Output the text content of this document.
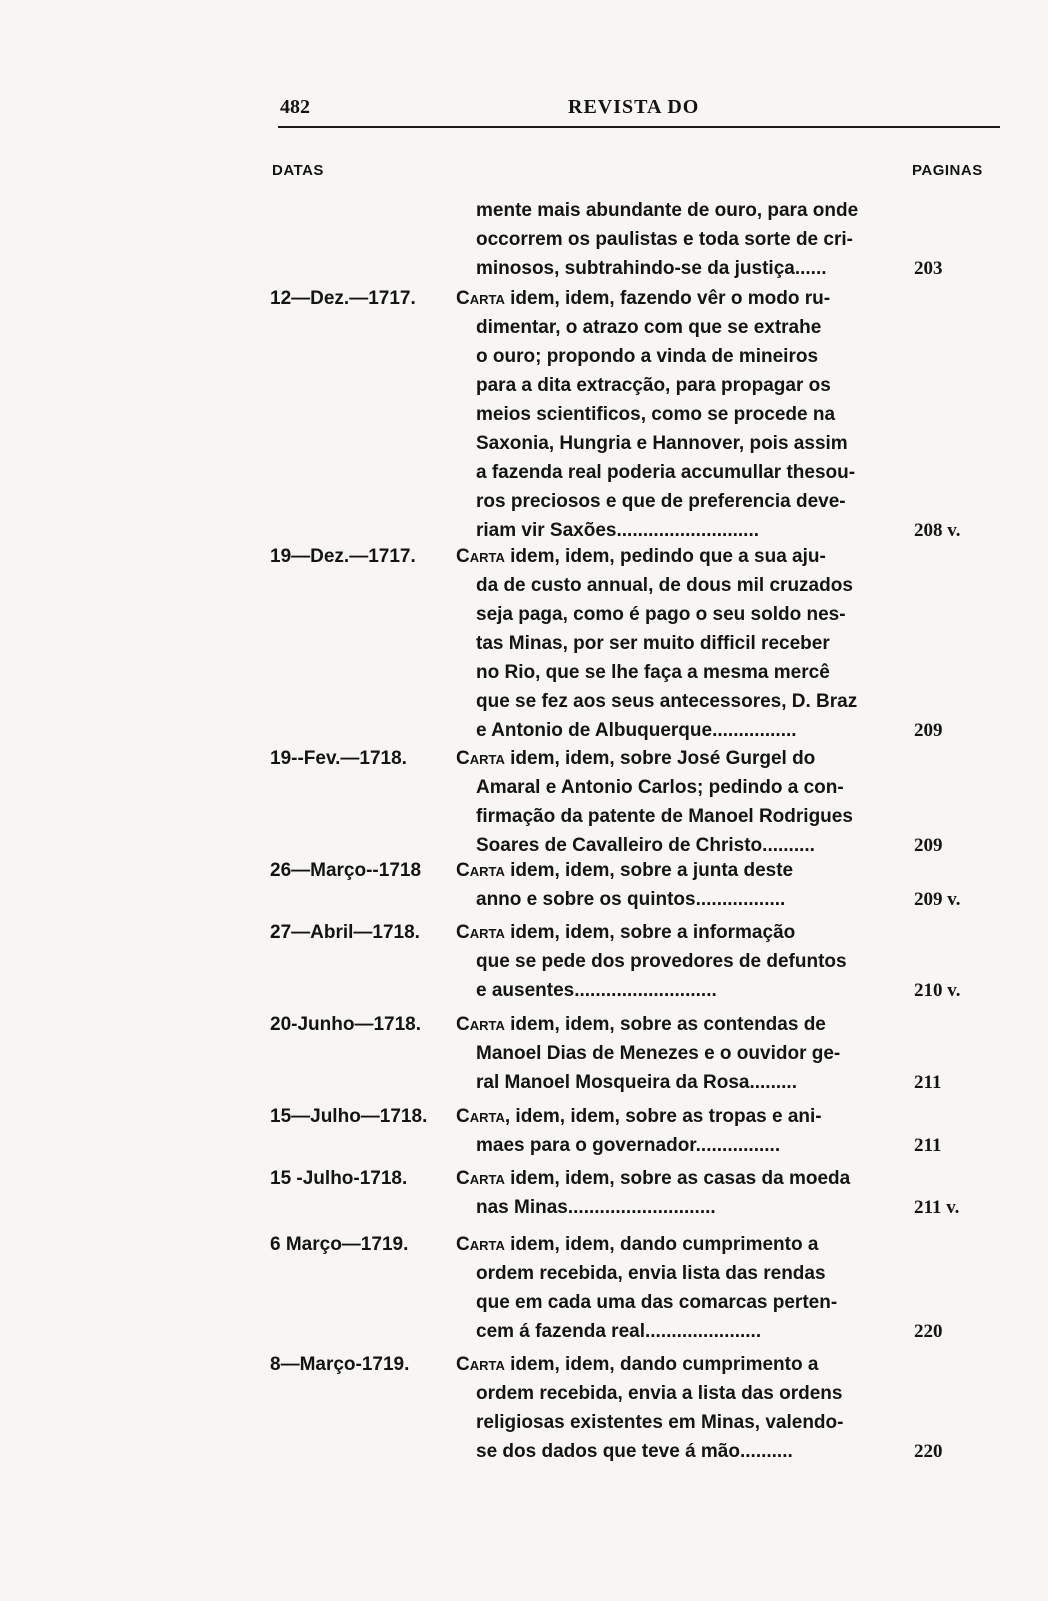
482	REVISTA DO
DATAS	PAGINAS
mente mais abundante de ouro, para onde
occorrem os paulistas e toda sorte de cri-
minosos, subtrahindo-se da justiça......	203
12—Dez.—1717.	Carta idem, idem, fazendo vêr o modo ru-
dimentar, o atrazo com que se extrahe
o ouro; propondo a vinda de mineiros
para a dita extracção, para propagar os
meios scientificos, como se procede na
Saxonia, Hungria e Hannover, pois assim
a fazenda real poderia accumullar thesou-
ros preciosos e que de preferencia deve-
riam vir Saxões...........................	208 v.
19—Dez.—1717.	Carta idem, idem, pedindo que a sua aju-
da de custo annual, de dous mil cruzados
seja paga, como é pago o seu soldo nes-
tas Minas, por ser muito difficil receber
no Rio, que se lhe faça a mesma mercê
que se fez aos seus antecessores, D. Braz
e Antonio de Albuquerque................	209
19--Fev.—1718.	Carta idem, idem, sobre José Gurgel do
Amaral e Antonio Carlos; pedindo a con-
firmação da patente de Manoel Rodrigues
Soares de Cavalleiro de Christo..........	209
26—Março--1718	Carta idem, idem, sobre a junta deste
anno e sobre os quintos.................	209 v.
27—Abril—1718.	Carta idem, idem, sobre a informação
que se pede dos provedores de defuntos
e ausentes...........................	210 v.
20-Junho—1718.	Carta idem, idem, sobre as contendas de
Manoel Dias de Menezes e o ouvidor ge-
ral Manoel Mosqueira da Rosa.........	211
15—Julho—1718.	Carta, idem, idem, sobre as tropas e ani-
maes para o governador................	211
15 -Julho-1718.	Carta idem, idem, sobre as casas da moeda
nas Minas............................	211 v.
6 Março—1719.	Carta idem, idem, dando cumprimento a
ordem recebida, envia lista das rendas
que em cada uma das comarcas perten-
cem á fazenda real......................	220
8—Março-1719.	Carta idem, idem, dando cumprimento a
ordem recebida, envia a lista das ordens
religiosas existentes em Minas, valendo-
se dos dados que teve á mão..........	220
